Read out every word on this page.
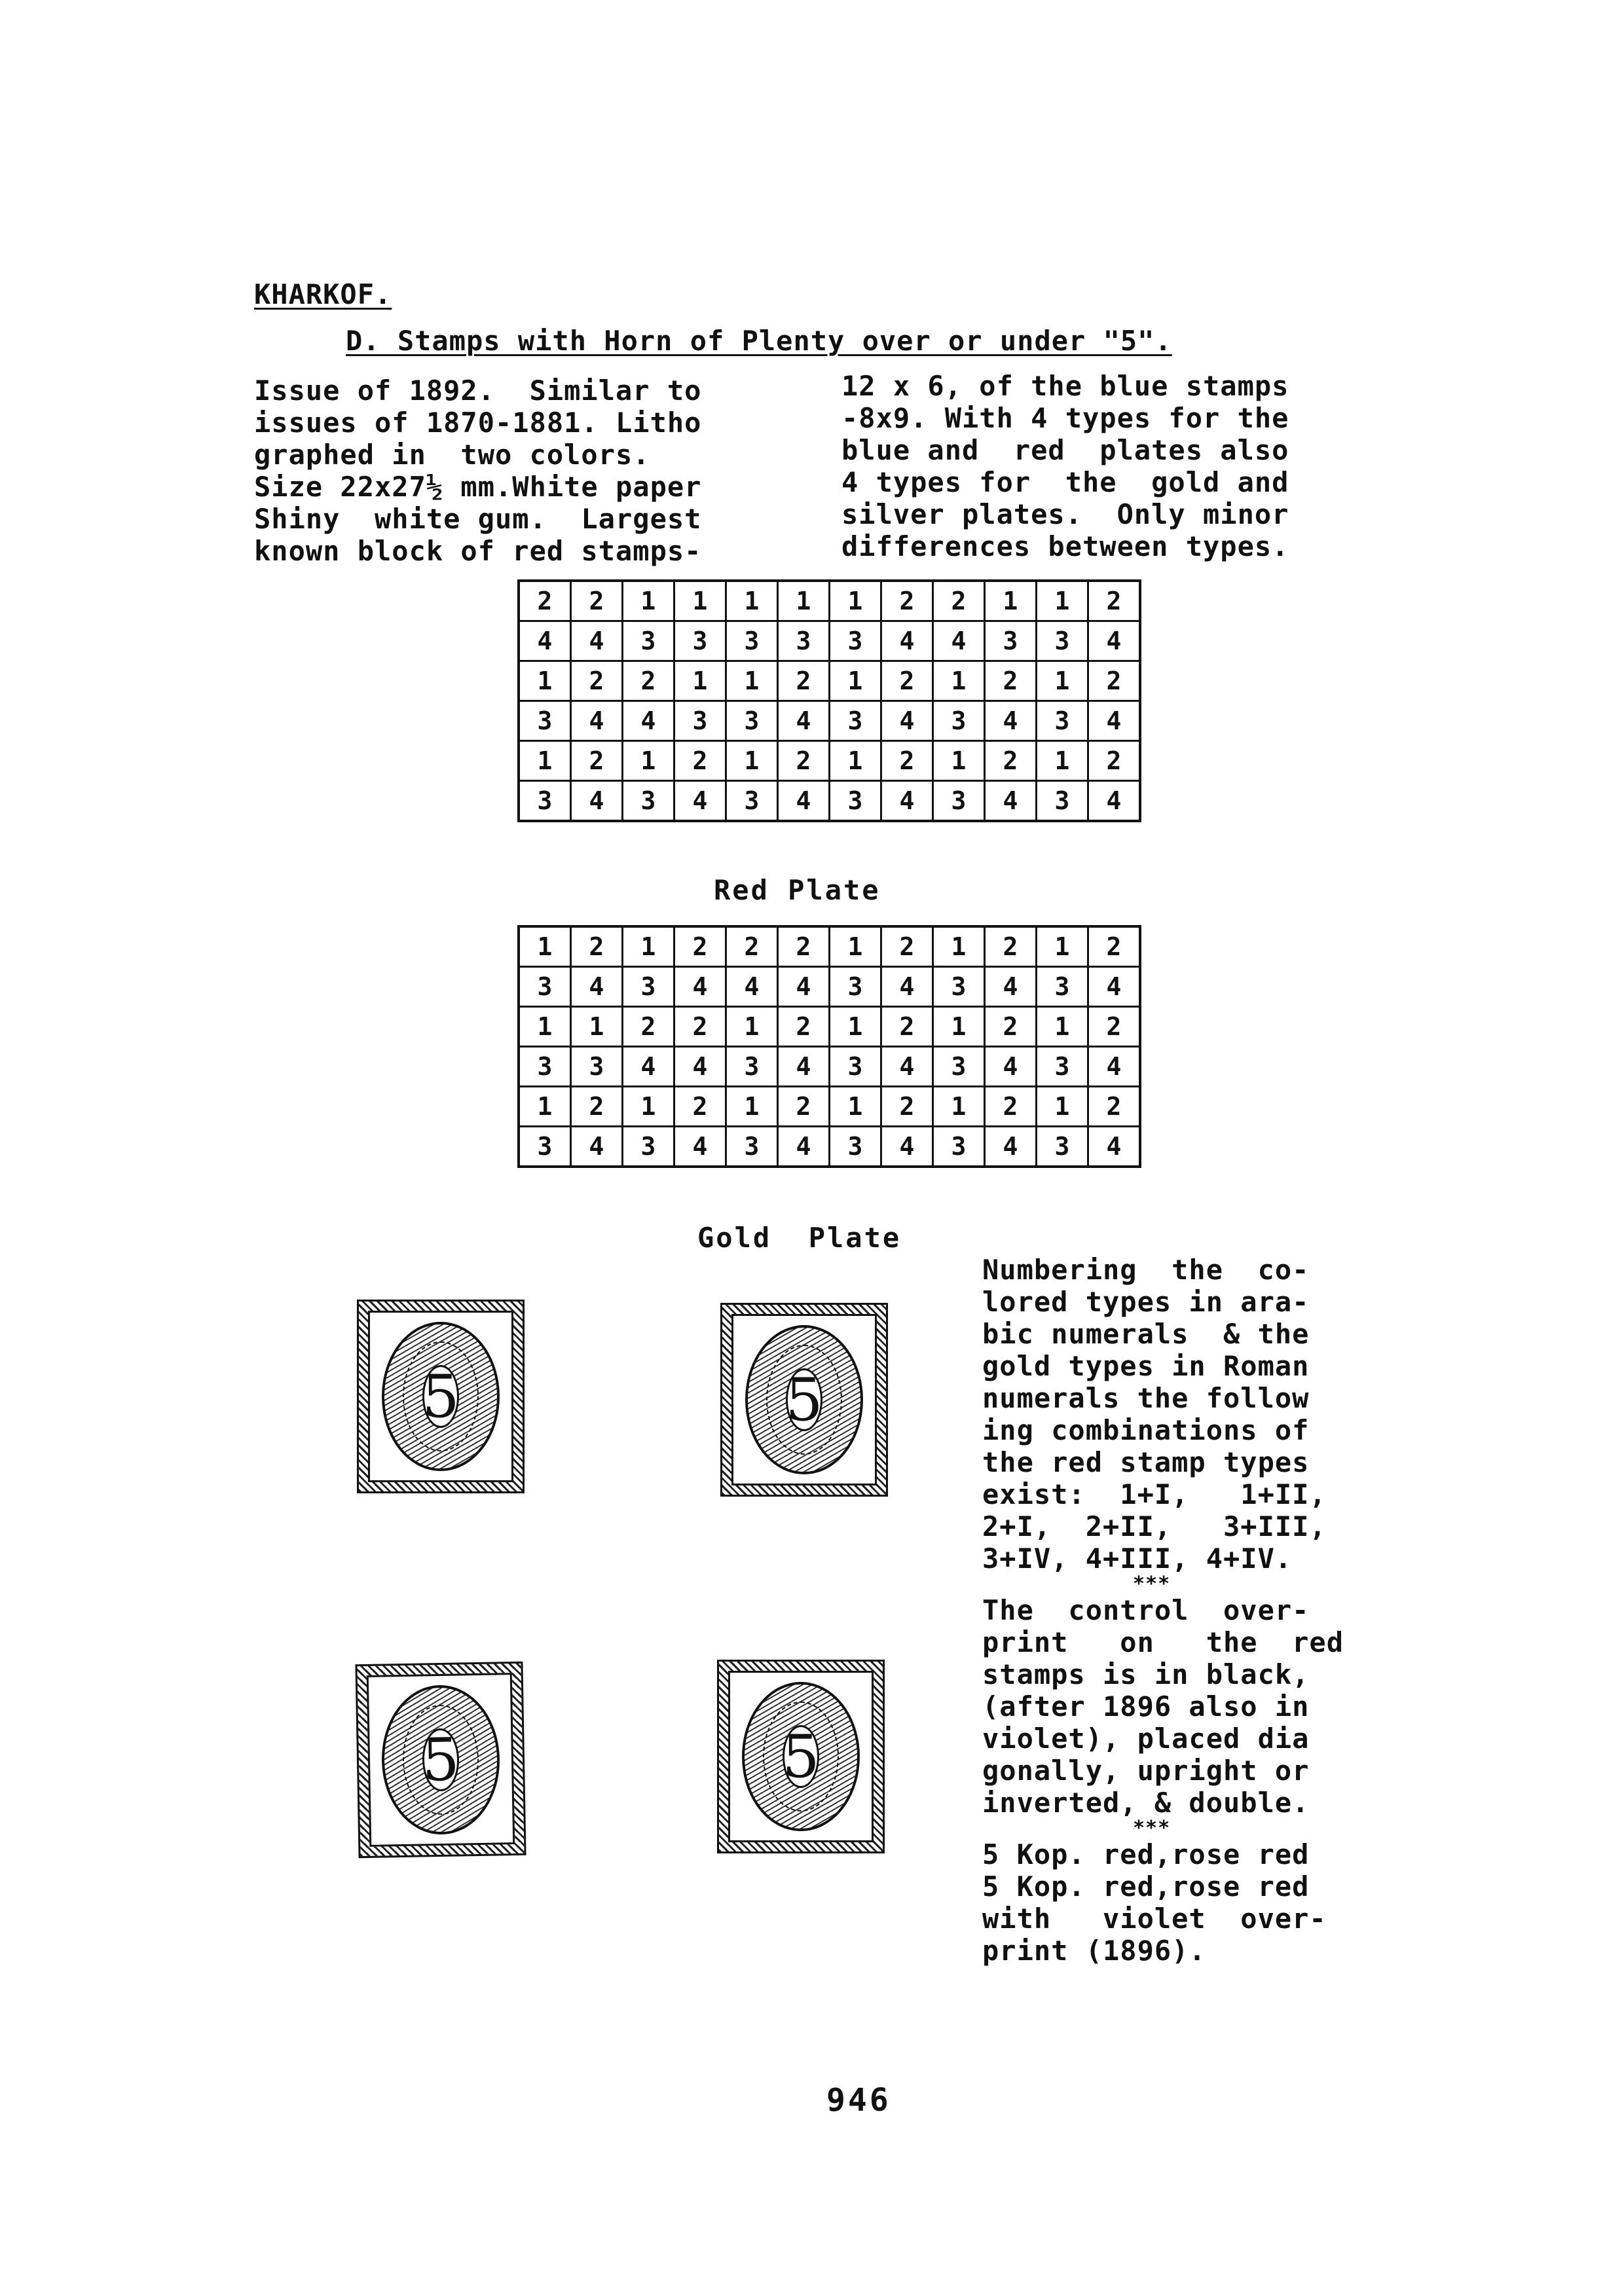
KHARKOF.
D. Stamps with Horn of Plenty over or under "5".
Issue of 1892.  Similar to
issues of 1870-1881. Litho
graphed in  two colors.
Size 22x27½ mm.White paper
Shiny  white gum.  Largest
known block of red stamps-
12 x 6, of the blue stamps
-8x9. With 4 types for the
blue and  red  plates also
4 types for  the  gold and
silver plates.  Only minor
differences between types.
2	2	1	1	1	1	1	2	2	1	1	2
4	4	3	3	3	3	3	4	4	3	3	4
1	2	2	1	1	2	1	2	1	2	1	2
3	4	4	3	3	4	3	4	3	4	3	4
1	2	1	2	1	2	1	2	1	2	1	2
3	4	3	4	3	4	3	4	3	4	3	4
Red Plate
1	2	1	2	2	2	1	2	1	2	1	2
3	4	3	4	4	4	3	4	3	4	3	4
1	1	2	2	1	2	1	2	1	2	1	2
3	3	4	4	3	4	3	4	3	4	3	4
1	2	1	2	1	2	1	2	1	2	1	2
3	4	3	4	3	4	3	4	3	4	3	4
Gold  Plate
5	5
5	5
Numbering  the  co-
lored types in ara-
bic numerals  & the
gold types in Roman
numerals the follow
ing combinations of
the red stamp types
exist:  1+I,   1+II,
2+I,  2+II,   3+III,
3+IV, 4+III, 4+IV.
***
The  control  over-
print   on   the  red
stamps is in black,
(after 1896 also in
violet), placed dia
gonally, upright or
inverted, & double.
***
5 Kop. red,rose red
5 Kop. red,rose red
with   violet  over-
print (1896).
946
